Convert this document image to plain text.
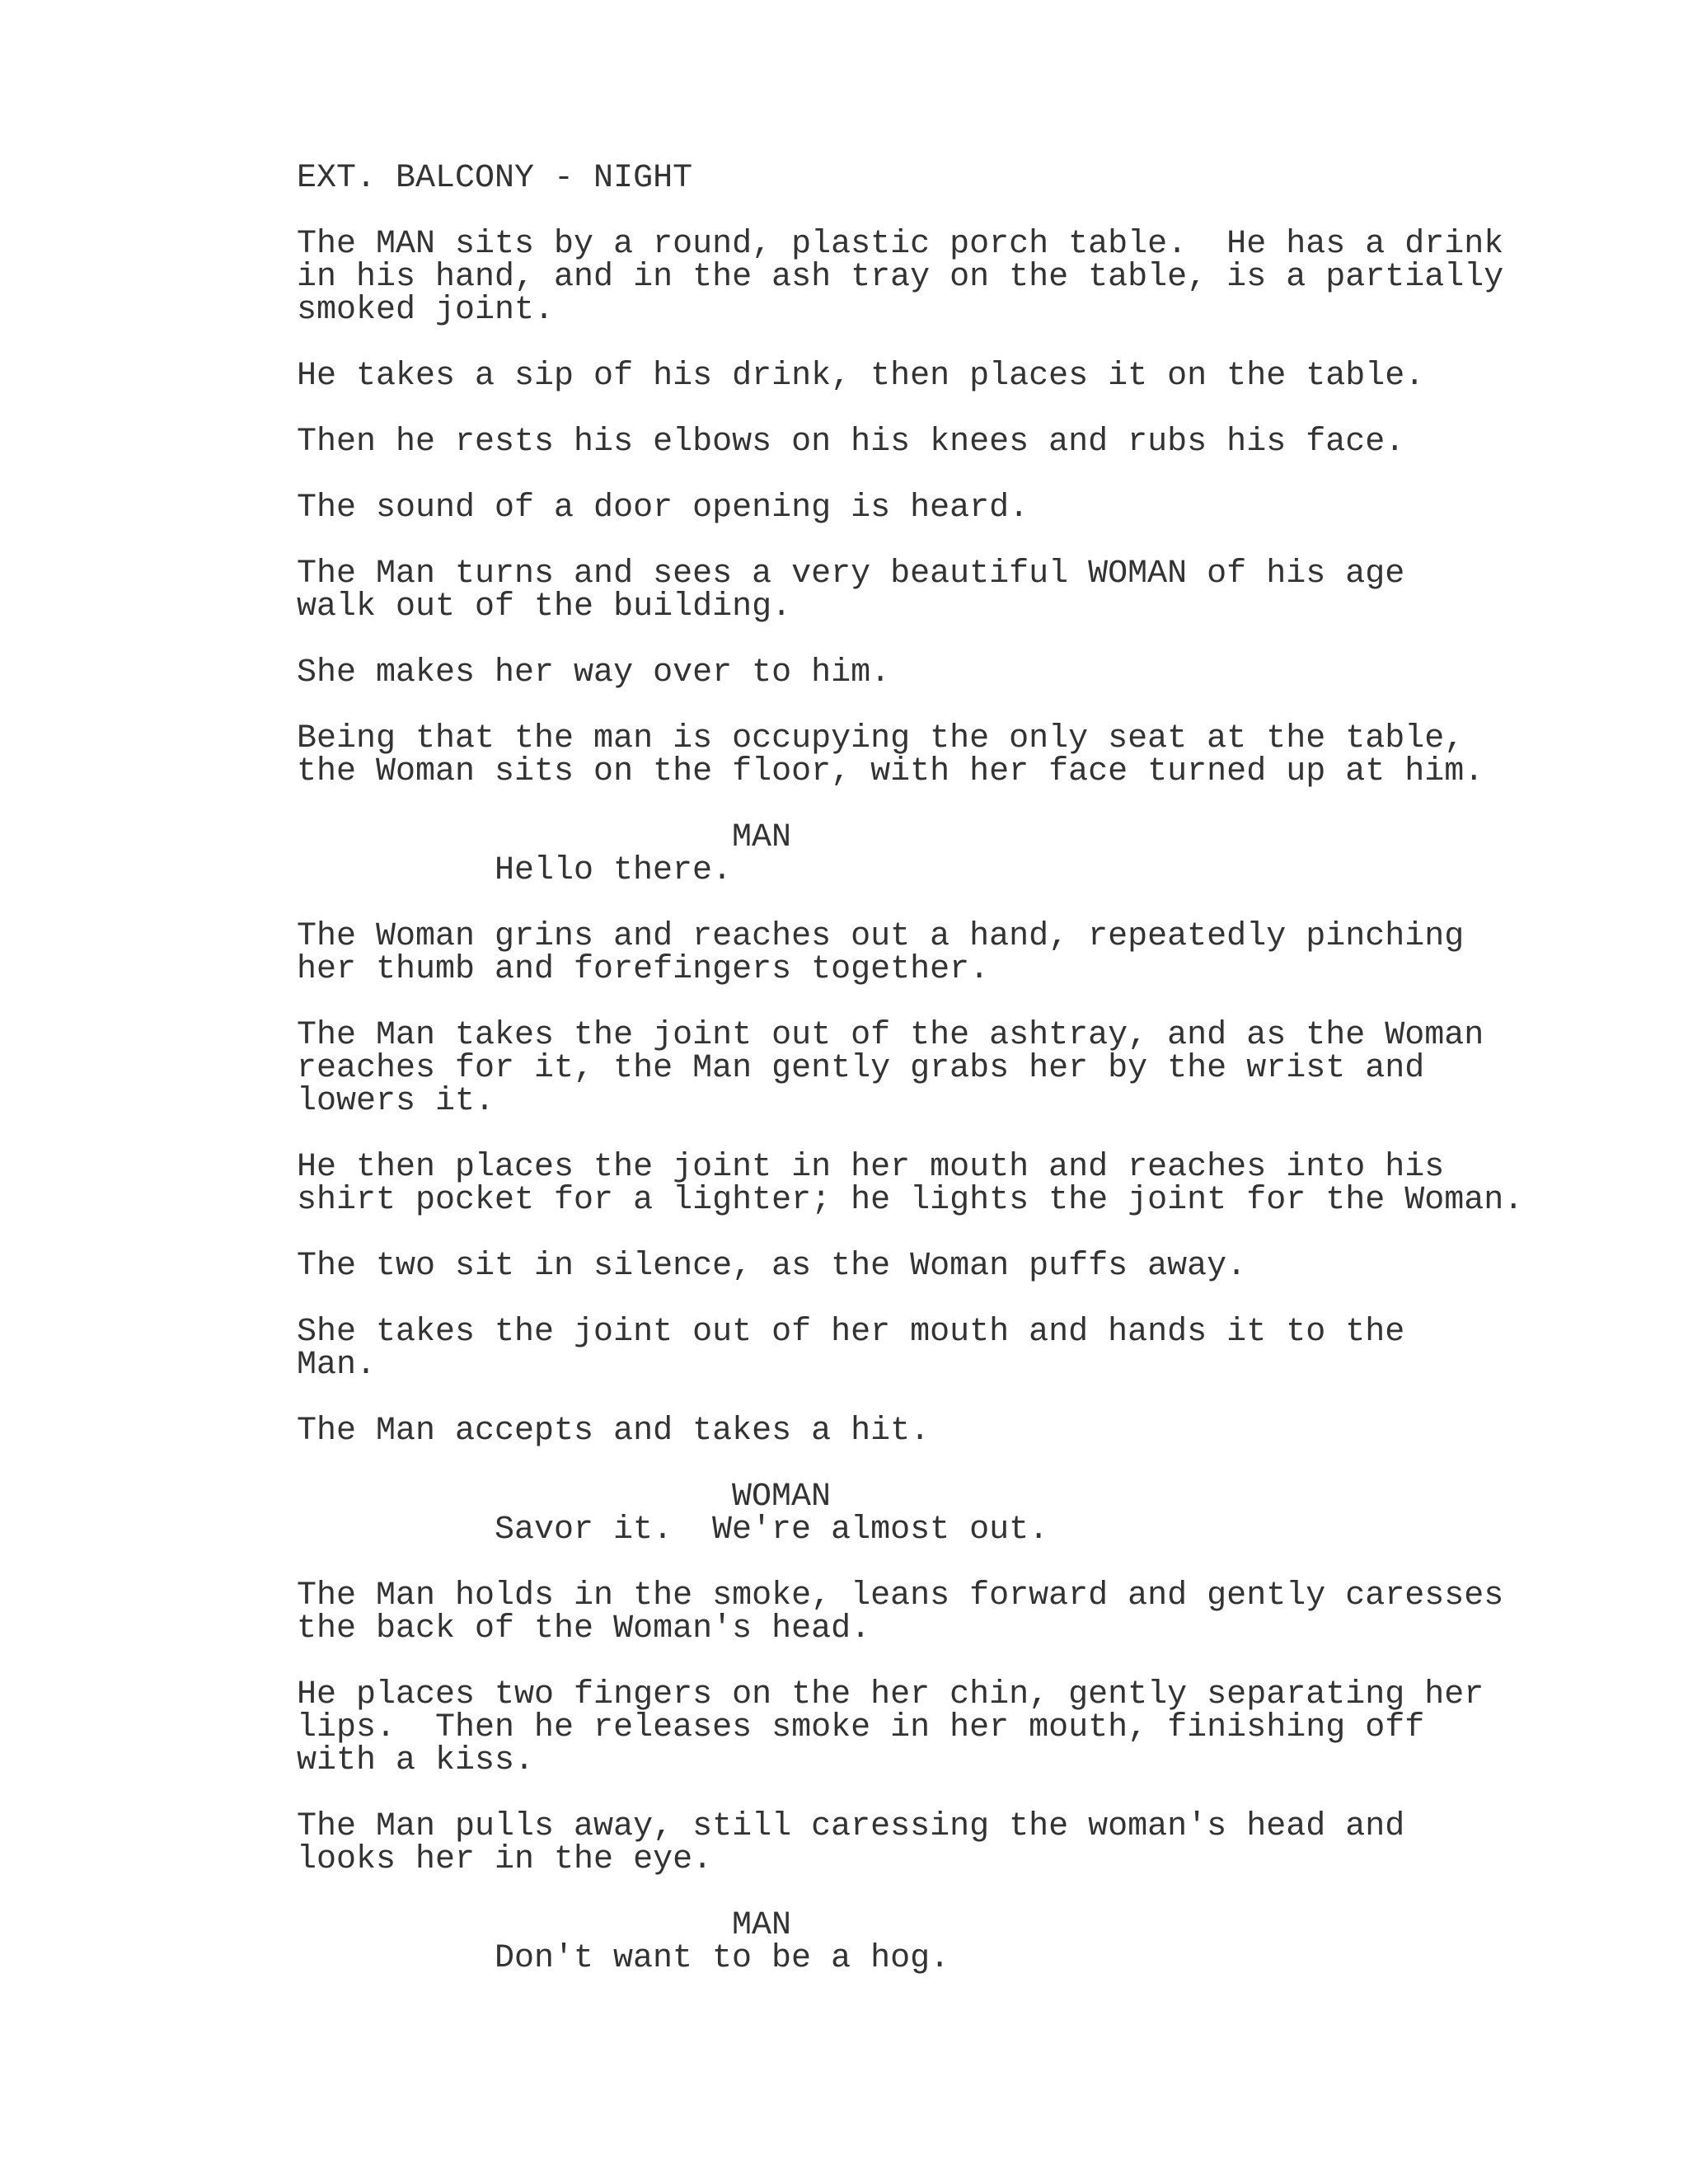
EXT. BALCONY - NIGHT
The MAN sits by a round, plastic porch table.  He has a drink
in his hand, and in the ash tray on the table, is a partially
smoked joint.
He takes a sip of his drink, then places it on the table.
Then he rests his elbows on his knees and rubs his face.
The sound of a door opening is heard.
The Man turns and sees a very beautiful WOMAN of his age
walk out of the building.
She makes her way over to him.
Being that the man is occupying the only seat at the table,
the Woman sits on the floor, with her face turned up at him.
MAN
Hello there.
The Woman grins and reaches out a hand, repeatedly pinching
her thumb and forefingers together.
The Man takes the joint out of the ashtray, and as the Woman
reaches for it, the Man gently grabs her by the wrist and
lowers it.
He then places the joint in her mouth and reaches into his
shirt pocket for a lighter; he lights the joint for the Woman.
The two sit in silence, as the Woman puffs away.
She takes the joint out of her mouth and hands it to the
Man.
The Man accepts and takes a hit.
WOMAN
Savor it.  We're almost out.
The Man holds in the smoke, leans forward and gently caresses
the back of the Woman's head.
He places two fingers on the her chin, gently separating her
lips.  Then he releases smoke in her mouth, finishing off
with a kiss.
The Man pulls away, still caressing the woman's head and
looks her in the eye.
MAN
Don't want to be a hog.
